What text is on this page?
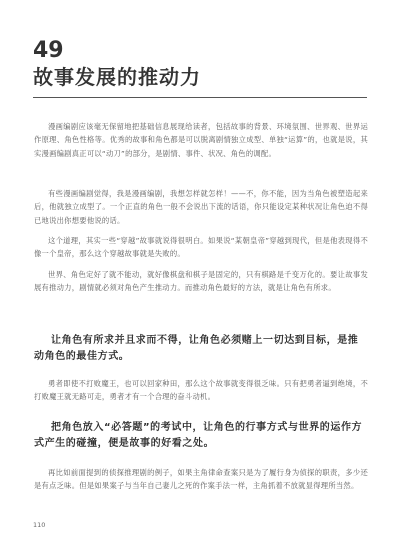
49
故事发展的推动力

漫画编剧应该毫无保留地把基础信息展现给读者，包括故事的背景、环境氛围、世界观、世界运作原理、角色性格等。优秀的故事和角色都是可以脱离剧情独立成型、单独“运算”的，也就是说，其实漫画编剧真正可以“动刀”的部分，是剧情、事件、状况、角色的调配。

有些漫画编剧觉得，我是漫画编剧，我想怎样就怎样！——不，你不能，因为当角色被塑造起来后，他就独立成型了。一个正直的角色一般不会说出下流的话语，你只能设定某种状况让角色迫不得已地说出你想要他说的话。

这个道理，其实一些“穿越”故事就说得很明白。如果说“某朝皇帝”穿越到现代，但是他表现得不像一个皇帝，那么这个穿越故事就是失败的。

世界、角色定好了就不能动，就好像棋盘和棋子是固定的，只有棋路是千变万化的。要让故事发展有推动力，剧情就必须对角色产生推动力。而推动角色最好的方法，就是让角色有所求。

让角色有所求并且求而不得，让角色必须赌上一切达到目标，是推动角色的最佳方式。

勇者即使不打败魔王，也可以回家种田，那么这个故事就变得很乏味。只有把勇者逼到绝境，不打败魔王就无路可走，勇者才有一个合理的奋斗动机。

把角色放入“必答题”的考试中，让角色的行事方式与世界的运作方式产生的碰撞，便是故事的好看之处。

再比如前面提到的侦探推理剧的例子，如果主角律命查案只是为了履行身为侦探的职责，多少还是有点乏味。但是如果案子与当年自己妻儿之死的作案手法一样，主角抓着不放就显得理所当然。

110
